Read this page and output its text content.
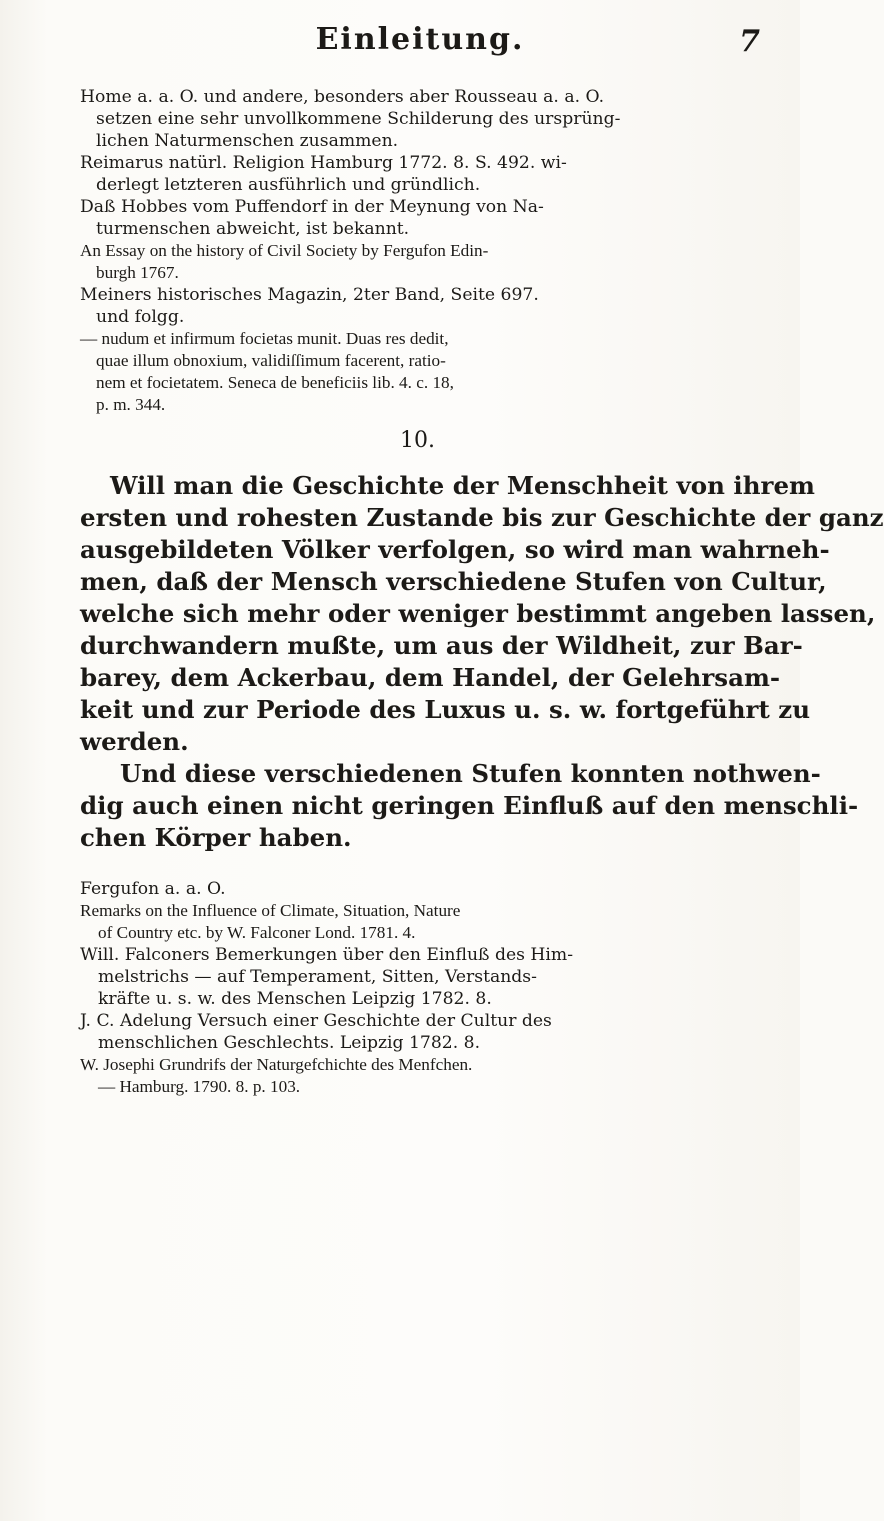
Einleitung.	7
Home a. a. O. und andere, besonders aber Rousseau a. a. O.
setzen eine sehr unvollkommene Schilderung des ursprüng-
lichen Naturmenschen zusammen.
Reimarus natürl. Religion Hamburg 1772. 8. S. 492. wi-
derlegt letzteren ausführlich und gründlich.
Daß Hobbes vom Puffendorf in der Meynung von Na-
turmenschen abweicht, ist bekannt.
An Essay on the history of Civil Society by Fergufon Edin-
burgh 1767.
Meiners historisches Magazin, 2ter Band, Seite 697.
und folgg.
— nudum et infirmum focietas munit. Duas res dedit,
quae illum obnoxium, validiſſimum facerent, ratio-
nem et focietatem. Seneca de beneficiis lib. 4. c. 18,
p. m. 344.
10.
Will man die Geschichte der Menschheit von ihrem
ersten und rohesten Zustande bis zur Geschichte der ganz
ausgebildeten Völker verfolgen, so wird man wahrneh-
men, daß der Mensch verschiedene Stufen von Cultur,
welche sich mehr oder weniger bestimmt angeben lassen,
durchwandern mußte, um aus der Wildheit, zur Bar-
barey, dem Ackerbau, dem Handel, der Gelehrsam-
keit und zur Periode des Luxus u. s. w. fortgeführt zu
werden.
Und diese verschiedenen Stufen konnten nothwen-
dig auch einen nicht geringen Einfluß auf den menschli-
chen Körper haben.
Fergufon a. a. O.
Remarks on the Influence of Climate, Situation, Nature
of Country etc. by W. Falconer Lond. 1781. 4.
Will. Falconers Bemerkungen über den Einfluß des Him-
melstrichs — auf Temperament, Sitten, Verstands-
kräfte u. s. w. des Menschen Leipzig 1782. 8.
J. C. Adelung Versuch einer Geschichte der Cultur des
menschlichen Geschlechts. Leipzig 1782. 8.
W. Josephi Grundrifs der Naturgefchichte des Menfchen.
— Hamburg. 1790. 8. p. 103.
